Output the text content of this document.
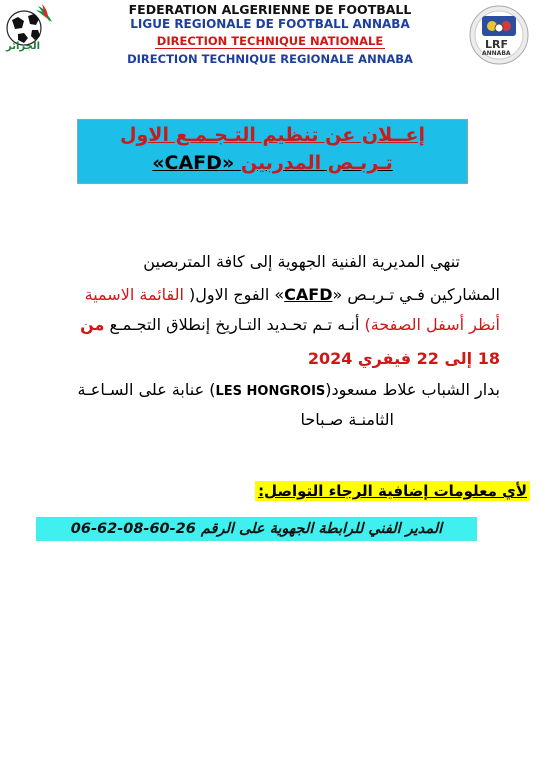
الجزائر	LRF
ANNABA
FEDERATION ALGERIENNE DE FOOTBALL
LIGUE REGIONALE DE FOOTBALL ANNABA
DIRECTION TECHNIQUE NATIONALE
DIRECTION TECHNIQUE REGIONALE ANNABA
إعــلان عن تنظيم التـجـمـع الاول
تـربـص المدربين «CAFD»
تنهي المديرية الفنية الجهوية إلى كافة المتربصين
المشاركين فـي تـربـص «CAFD» الفوج الاول( القائمة الاسمية
أنظر أسفل الصفحة) أنـه تـم تحـديد التـاريخ إنطلاق التجـمـع من
18 إلى 22 فيفري 2024
بدار الشباب علاط مسعود(LES HONGROIS) عنابة على السـاعـة
الثامنـة صـباحا
لأي معلومات إضافية الرجاء التواصل:
المدير الفني للرابطة الجهوية على الرقم 26-60-08-62-06
